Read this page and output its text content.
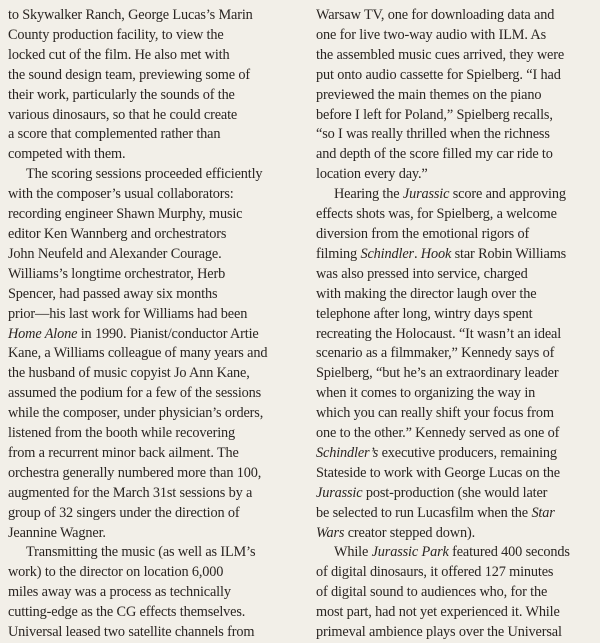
to Skywalker Ranch, George Lucas’s Marin
County production facility, to view the
locked cut of the film. He also met with
the sound design team, previewing some of
their work, particularly the sounds of the
various dinosaurs, so that he could create
a score that complemented rather than
competed with them.
The scoring sessions proceeded efficiently
with the composer’s usual collaborators:
recording engineer Shawn Murphy, music
editor Ken Wannberg and orchestrators
John Neufeld and Alexander Courage.
Williams’s longtime orchestrator, Herb
Spencer, had passed away six months
prior—his last work for Williams had been
Home Alone in 1990. Pianist/conductor Artie
Kane, a Williams colleague of many years and
the husband of music copyist Jo Ann Kane,
assumed the podium for a few of the sessions
while the composer, under physician’s orders,
listened from the booth while recovering
from a recurrent minor back ailment. The
orchestra generally numbered more than 100,
augmented for the March 31st sessions by a
group of 32 singers under the direction of
Jeannine Wagner.
Transmitting the music (as well as ILM’s
work) to the director on location 6,000
miles away was a process as technically
cutting-edge as the CG effects themselves.
Universal leased two satellite channels from
Warsaw TV, one for downloading data and
one for live two-way audio with ILM. As
the assembled music cues arrived, they were
put onto audio cassette for Spielberg. “I had
previewed the main themes on the piano
before I left for Poland,” Spielberg recalls,
“so I was really thrilled when the richness
and depth of the score filled my car ride to
location every day.”
Hearing the Jurassic score and approving
effects shots was, for Spielberg, a welcome
diversion from the emotional rigors of
filming Schindler. Hook star Robin Williams
was also pressed into service, charged
with making the director laugh over the
telephone after long, wintry days spent
recreating the Holocaust. “It wasn’t an ideal
scenario as a filmmaker,” Kennedy says of
Spielberg, “but he’s an extraordinary leader
when it comes to organizing the way in
which you can really shift your focus from
one to the other.” Kennedy served as one of
Schindler’s executive producers, remaining
Stateside to work with George Lucas on the
Jurassic post-production (she would later
be selected to run Lucasfilm when the Star
Wars creator stepped down).
While Jurassic Park featured 400 seconds
of digital dinosaurs, it offered 127 minutes
of digital sound to audiences who, for the
most part, had not yet experienced it. While
primeval ambience plays over the Universal
